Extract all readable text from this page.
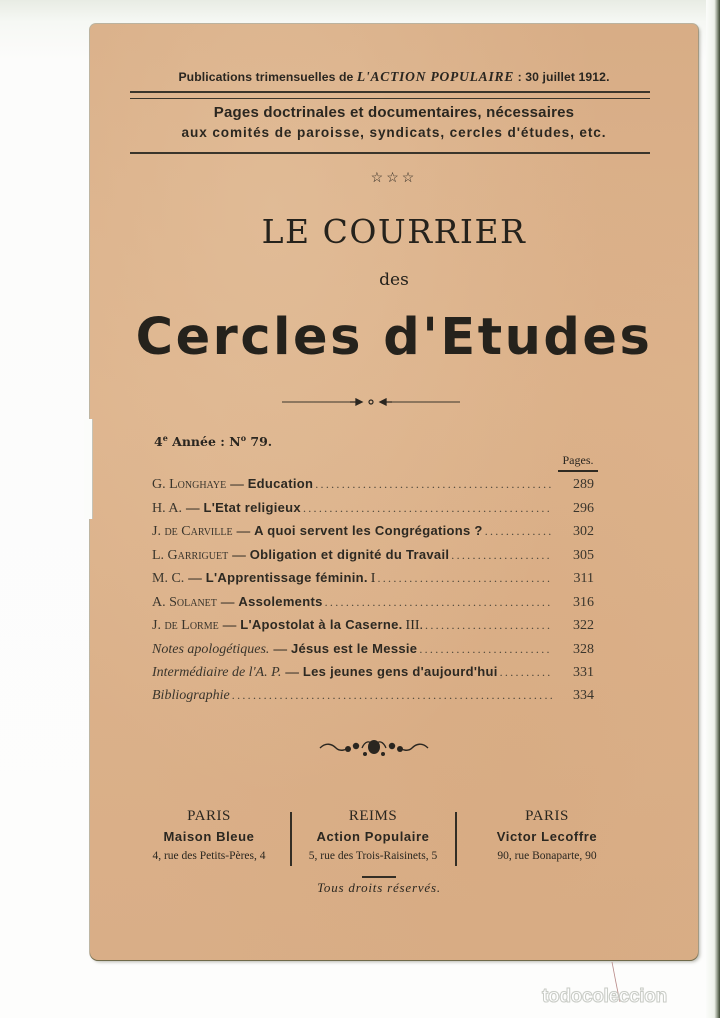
Publications trimensuelles de L'ACTION POPULAIRE : 30 juillet 1912.
Pages doctrinales et documentaires, nécessaires
aux comités de paroisse, syndicats, cercles d'études, etc.
☆☆☆
LE COURRIER
des
Cercles d'Etudes
4e Année : $N^o$ 79.
Pages.
G. Longhaye — Education .....	289
H. A. — L'Etat religieux .....	296
J. de Carville — A quoi servent les Congrégations ? .....	302
L. Garriguet — Obligation et dignité du Travail .....	305
M. C. — L'Apprentissage féminin. I .....	311
A. Solanet — Assolements .....	316
J. de Lorme — L'Apostolat à la Caserne. III. .....	322
Notes apologétiques. — Jésus est le Messie .....	328
Intermédiaire de l'A. P. — Les jeunes gens d'aujourd'hui .....	331
Bibliographie .....	334
PARIS
Maison Bleue
4, rue des Petits-Pères, 4
REIMS
Action Populaire
5, rue des Trois-Raisinets, 5
PARIS
Victor Lecoffre
90, rue Bonaparte, 90
Tous droits réservés.
todocoleccion
